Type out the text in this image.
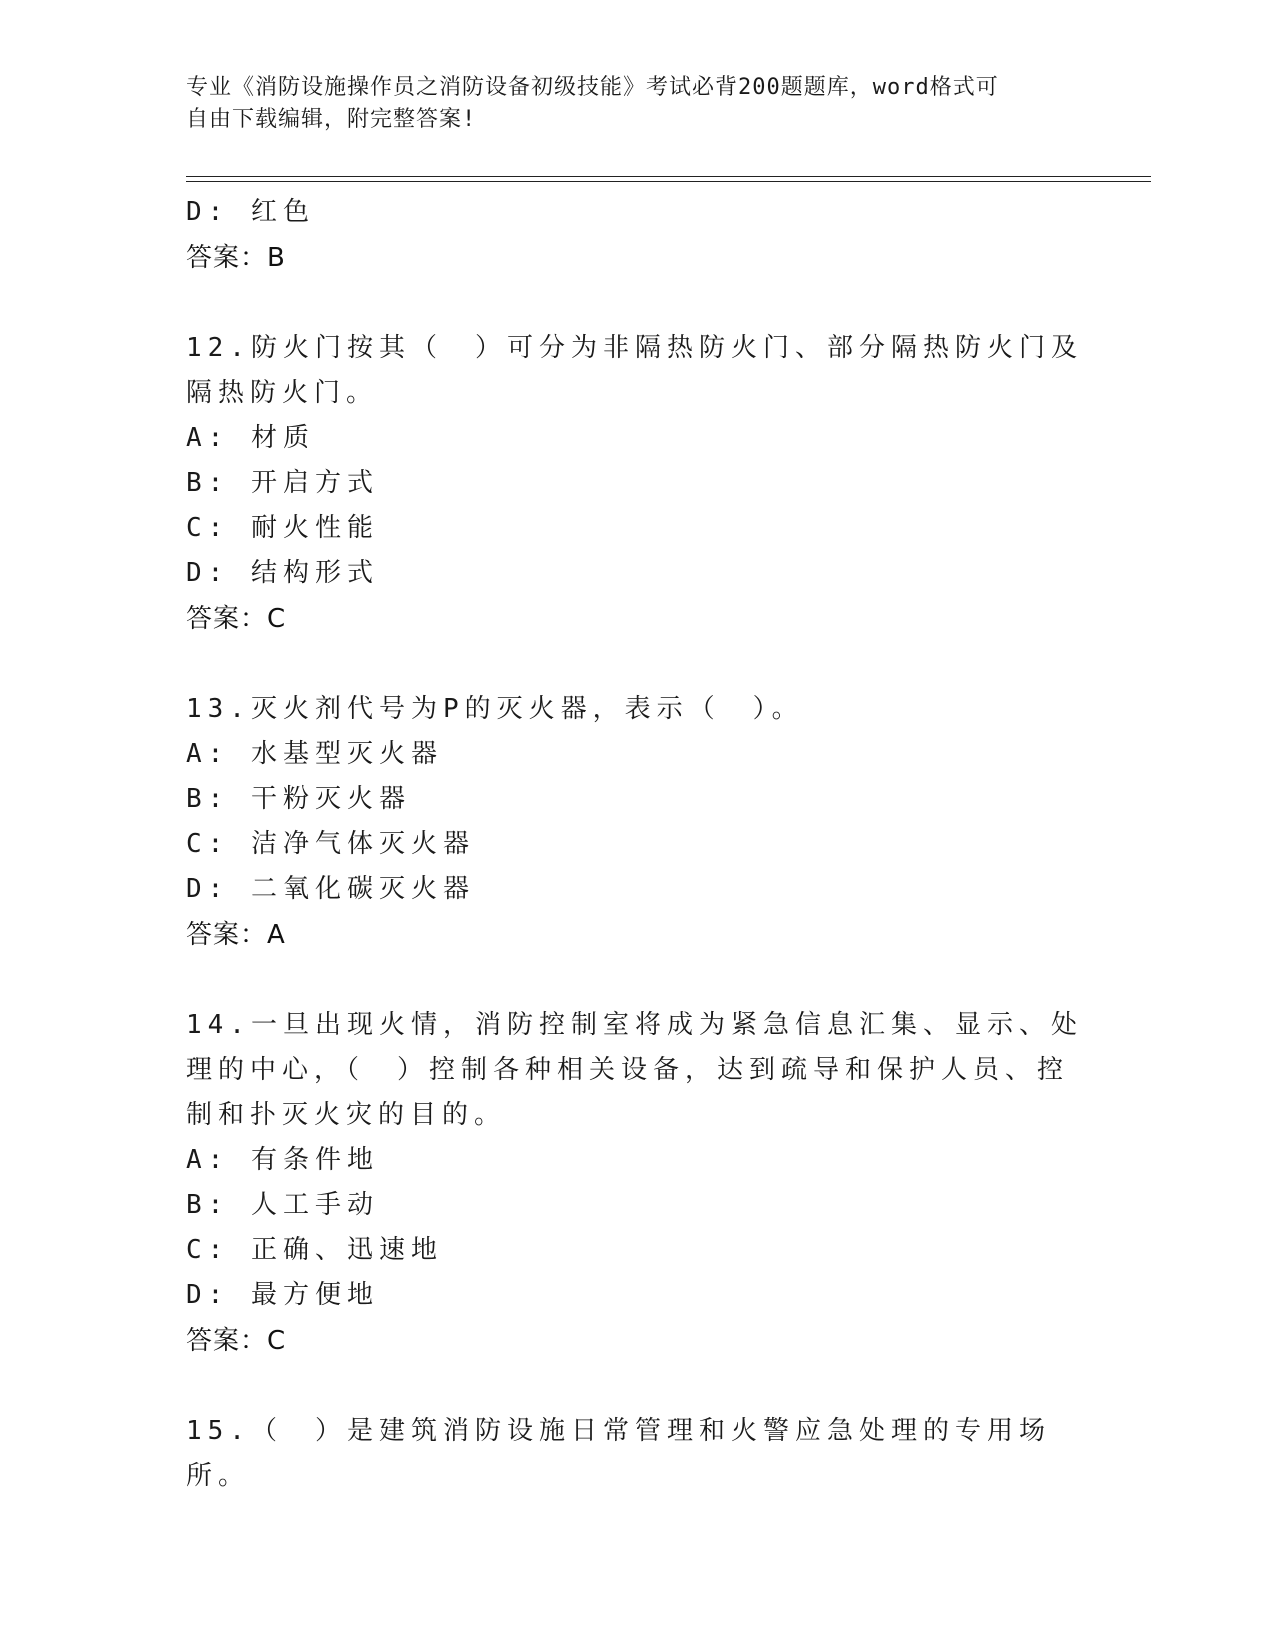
专业《消防设施操作员之消防设备初级技能》考试必背200题题库，word格式可
自由下载编辑，附完整答案!
D: 红色
答案：B
12.防火门按其（　）可分为非隔热防火门、部分隔热防火门及隔热防火门。
A: 材质
B: 开启方式
C: 耐火性能
D: 结构形式
答案：C
13.灭火剂代号为P的灭火器，表示（　）。
A: 水基型灭火器
B: 干粉灭火器
C: 洁净气体灭火器
D: 二氧化碳灭火器
答案：A
14.一旦出现火情，消防控制室将成为紧急信息汇集、显示、处理的中心，（　）控制各种相关设备，达到疏导和保护人员、控制和扑灭火灾的目的。
A: 有条件地
B: 人工手动
C: 正确、迅速地
D: 最方便地
答案：C
15.（　）是建筑消防设施日常管理和火警应急处理的专用场所。
